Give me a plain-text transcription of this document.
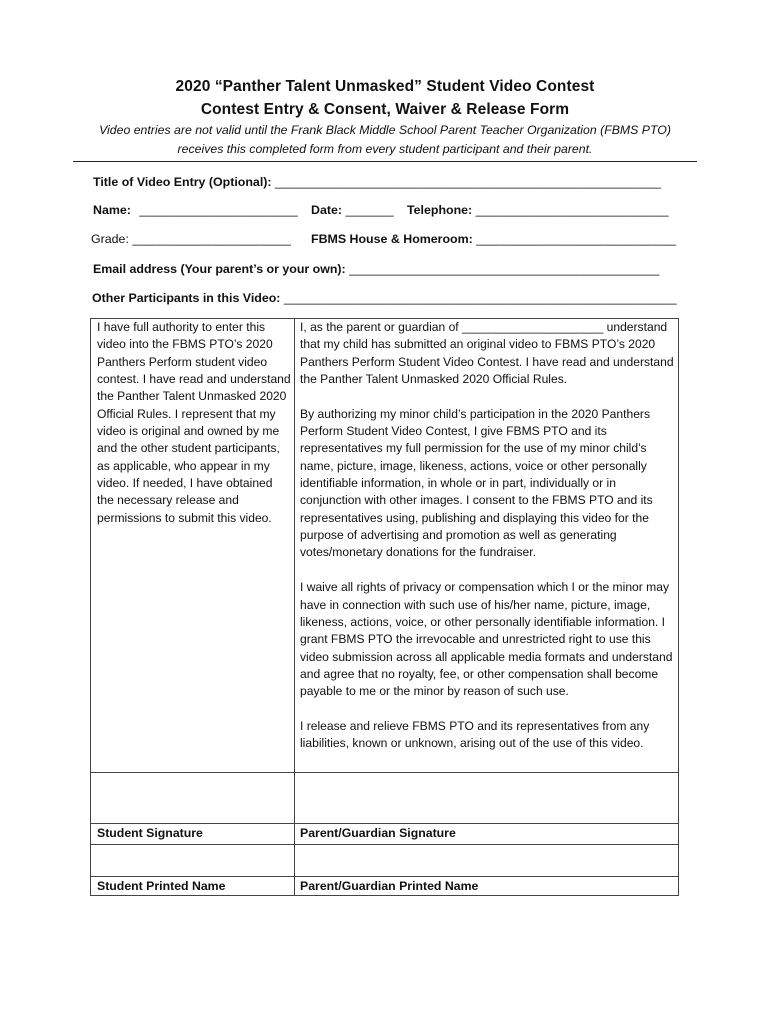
2020 “Panther Talent Unmasked” Student Video Contest
Contest Entry & Consent, Waiver & Release Form
Video entries are not valid until the Frank Black Middle School Parent Teacher Organization (FBMS PTO)
receives this completed form from every student participant and their parent.
Title of Video Entry (Optional): ________________________________________________________
Name: _______________________ Date: _______ Telephone: ____________________________
Grade: _______________________ FBMS House & Homeroom: _____________________________
Email address (Your parent’s or your own): _____________________________________________
Other Participants in this Video: _________________________________________________________
I have full authority to enter this video into the FBMS PTO’s 2020 Panthers Perform student video contest. I have read and understand the Panther Talent Unmasked 2020 Official Rules. I represent that my video is original and owned by me and the other student participants, as applicable, who appear in my video. If needed, I have obtained the necessary release and permissions to submit this video.

I, as the parent or guardian of _____________________ understand that my child has submitted an original video to FBMS PTO’s 2020 Panthers Perform Student Video Contest. I have read and understand the Panther Talent Unmasked 2020 Official Rules.

By authorizing my minor child’s participation in the 2020 Panthers Perform Student Video Contest, I give FBMS PTO and its representatives my full permission for the use of my minor child’s name, picture, image, likeness, actions, voice or other personally identifiable information, in whole or in part, individually or in conjunction with other images. I consent to the FBMS PTO and its representatives using, publishing and displaying this video for the purpose of advertising and promotion as well as generating votes/monetary donations for the fundraiser.

I waive all rights of privacy or compensation which I or the minor may have in connection with such use of his/her name, picture, image, likeness, actions, voice, or other personally identifiable information. I grant FBMS PTO the irrevocable and unrestricted right to use this video submission across all applicable media formats and understand and agree that no royalty, fee, or other compensation shall become payable to me or the minor by reason of such use.

I release and relieve FBMS PTO and its representatives from any liabilities, known or unknown, arising out of the use of this video.

Student Signature	Parent/Guardian Signature
Student Printed Name	Parent/Guardian Printed Name
